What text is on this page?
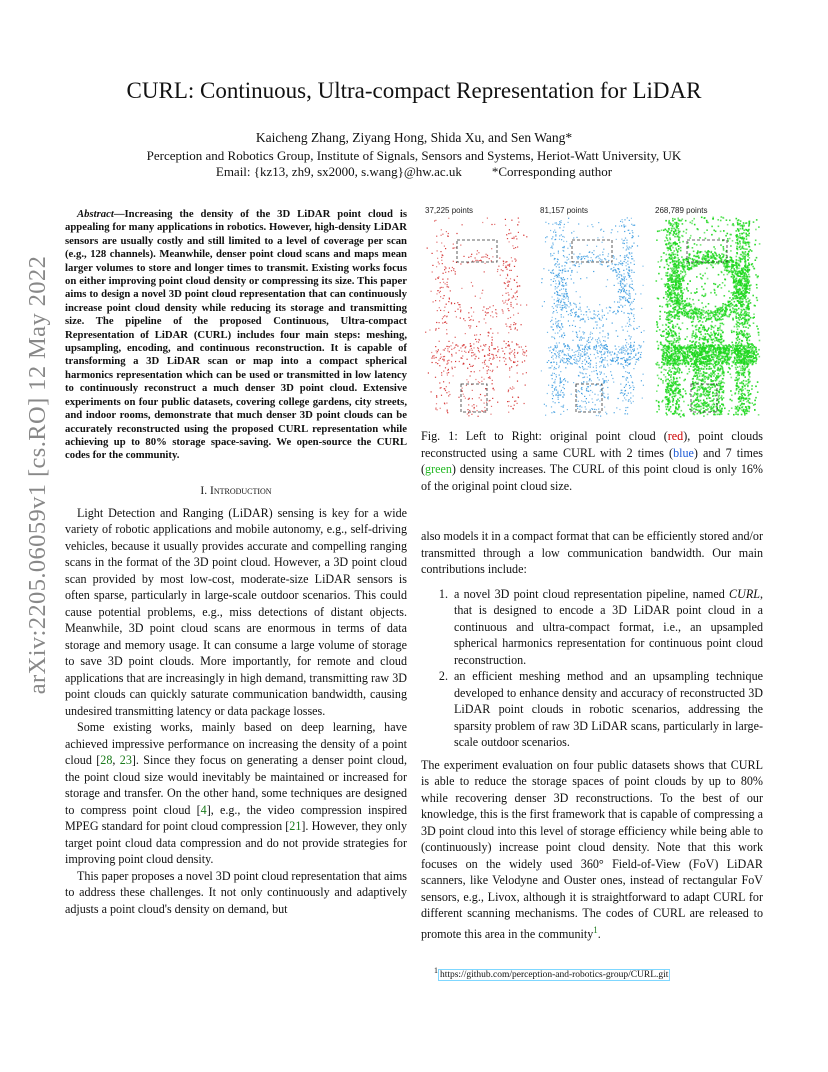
arXiv:2205.06059v1 [cs.RO] 12 May 2022
CURL: Continuous, Ultra-compact Representation for LiDAR
Kaicheng Zhang, Ziyang Hong, Shida Xu, and Sen Wang*
Perception and Robotics Group, Institute of Signals, Sensors and Systems, Heriot-Watt University, UK
Email: {kz13, zh9, sx2000, s.wang}@hw.ac.uk *Corresponding author

Abstract—Increasing the density of the 3D LiDAR point cloud is appealing for many applications in robotics. However, high-density LiDAR sensors are usually costly and still limited to a level of coverage per scan (e.g., 128 channels). Meanwhile, denser point cloud scans and maps mean larger volumes to store and longer times to transmit. Existing works focus on either improving point cloud density or compressing its size. This paper aims to design a novel 3D point cloud representation that can continuously increase point cloud density while reducing its storage and transmitting size. The pipeline of the proposed Continuous, Ultra-compact Representation of LiDAR (CURL) includes four main steps: meshing, upsampling, encoding, and continuous reconstruction. It is capable of transforming a 3D LiDAR scan or map into a compact spherical harmonics representation which can be used or transmitted in low latency to continuously reconstruct a much denser 3D point cloud. Extensive experiments on four public datasets, covering college gardens, city streets, and indoor rooms, demonstrate that much denser 3D point clouds can be accurately reconstructed using the proposed CURL representation while achieving up to 80% storage space-saving. We open-source the CURL codes for the community.

I. Introduction

Light Detection and Ranging (LiDAR) sensing is key for a wide variety of robotic applications and mobile autonomy, e.g., self-driving vehicles, because it usually provides accurate and compelling ranging scans in the format of the 3D point cloud. However, a 3D point cloud scan provided by most low-cost, moderate-size LiDAR sensors is often sparse, particularly in large-scale outdoor scenarios. This could cause potential problems, e.g., miss detections of distant objects. Meanwhile, 3D point cloud scans are enormous in terms of data storage and memory usage. It can consume a large volume of storage to save 3D point clouds. More importantly, for remote and cloud applications that are increasingly in high demand, transmitting raw 3D point clouds can quickly saturate communication bandwidth, causing undesired transmitting latency or data package losses.

Some existing works, mainly based on deep learning, have achieved impressive performance on increasing the density of a point cloud [28, 23]. Since they focus on generating a denser point cloud, the point cloud size would inevitably be maintained or increased for storage and transfer. On the other hand, some techniques are designed to compress point cloud [4], e.g., the video compression inspired MPEG standard for point cloud compression [21]. However, they only target point cloud data compression and do not provide strategies for improving point cloud density.

This paper proposes a novel 3D point cloud representation that aims to address these challenges. It not only continuously and adaptively adjusts a point cloud's density on demand, but

37,225 points	81,157 points	268,789 points
Fig. 1: Left to Right: original point cloud (red), point clouds reconstructed using a same CURL with 2 times (blue) and 7 times (green) density increases. The CURL of this point cloud is only 16% of the original point cloud size.

also models it in a compact format that can be efficiently stored and/or transmitted through a low communication bandwidth. Our main contributions include:

1. a novel 3D point cloud representation pipeline, named CURL, that is designed to encode a 3D LiDAR point cloud in a continuous and ultra-compact format, i.e., an upsampled spherical harmonics representation for continuous point cloud reconstruction.
2. an efficient meshing method and an upsampling technique developed to enhance density and accuracy of reconstructed 3D LiDAR point clouds in robotic scenarios, addressing the sparsity problem of raw 3D LiDAR scans, particularly in large-scale outdoor scenarios.

The experiment evaluation on four public datasets shows that CURL is able to reduce the storage spaces of point clouds by up to 80% while recovering denser 3D reconstructions. To the best of our knowledge, this is the first framework that is capable of compressing a 3D point cloud into this level of storage efficiency while being able to (continuously) increase point cloud density. Note that this work focuses on the widely used 360° Field-of-View (FoV) LiDAR scanners, like Velodyne and Ouster ones, instead of rectangular FoV sensors, e.g., Livox, although it is straightforward to adapt CURL for different scanning mechanisms. The codes of CURL are released to promote this area in the community$^1$.

$^1$ https://github.com/perception-and-robotics-group/CURL.git
